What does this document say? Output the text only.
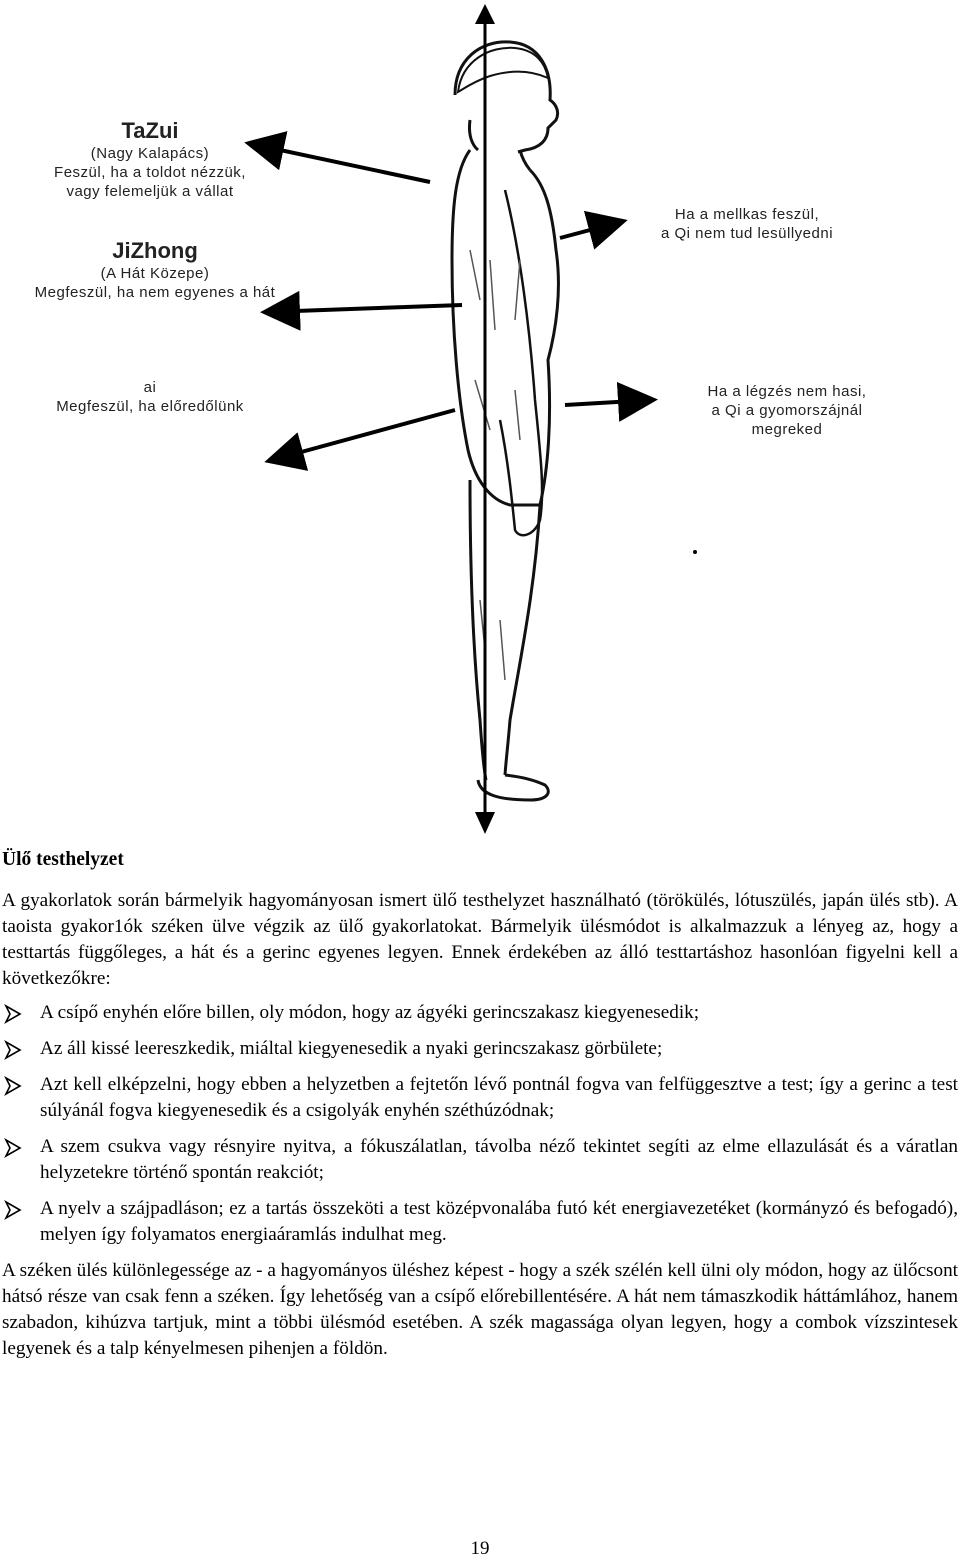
TaZui
(Nagy Kalapács)
Feszül, ha a toldot nézzük,
vagy felemeljük a vállat
JiZhong
(A Hát Közepe)
Megfeszül, ha nem egyenes a hát
ai
Megfeszül, ha előredőlünk
Ha a mellkas feszül,
a Qi nem tud lesüllyedni
Ha a légzés nem hasi,
a Qi a gyomorszájnál
megreked
Ülő testhelyzet

A gyakorlatok során bármelyik hagyományosan ismert ülő testhelyzet használható (törökülés, lótuszülés, japán ülés stb). A taoista gyakor1ók széken ülve végzik az ülő gyakorlatokat. Bármelyik ülésmódot is alkalmazzuk a lényeg az, hogy a testtartás függőleges, a hát és a gerinc egyenes legyen. Ennek érdekében az álló testtartáshoz hasonlóan figyelni kell a következőkre:

A csípő enyhén előre billen, oly módon, hogy az ágyéki gerincszakasz kiegyenesedik;
Az áll kissé leereszkedik, miáltal kiegyenesedik a nyaki gerincszakasz görbülete;
Azt kell elképzelni, hogy ebben a helyzetben a fejtetőn lévő pontnál fogva van felfüggesztve a test; így a gerinc a test súlyánál fogva kiegyenesedik és a csigolyák enyhén széthúzódnak;
A szem csukva vagy résnyire nyitva, a fókuszálatlan, távolba néző tekintet segíti az elme ellazulását és a váratlan helyzetekre történő spontán reakciót;
A nyelv a szájpadláson; ez a tartás összeköti a test középvonalába futó két energiavezetéket (kormányzó és befogadó), melyen így folyamatos energiaáramlás indulhat meg.

A széken ülés különlegessége az - a hagyományos üléshez képest - hogy a szék szélén kell ülni oly módon, hogy az ülőcsont hátsó része van csak fenn a széken. Így lehetőség van a csípő előrebillentésére. A hát nem támaszkodik háttámlához, hanem szabadon, kihúzva tartjuk, mint a többi ülésmód esetében. A szék magassága olyan legyen, hogy a combok vízszintesek legyenek és a talp kényelmesen pihenjen a földön.

19
